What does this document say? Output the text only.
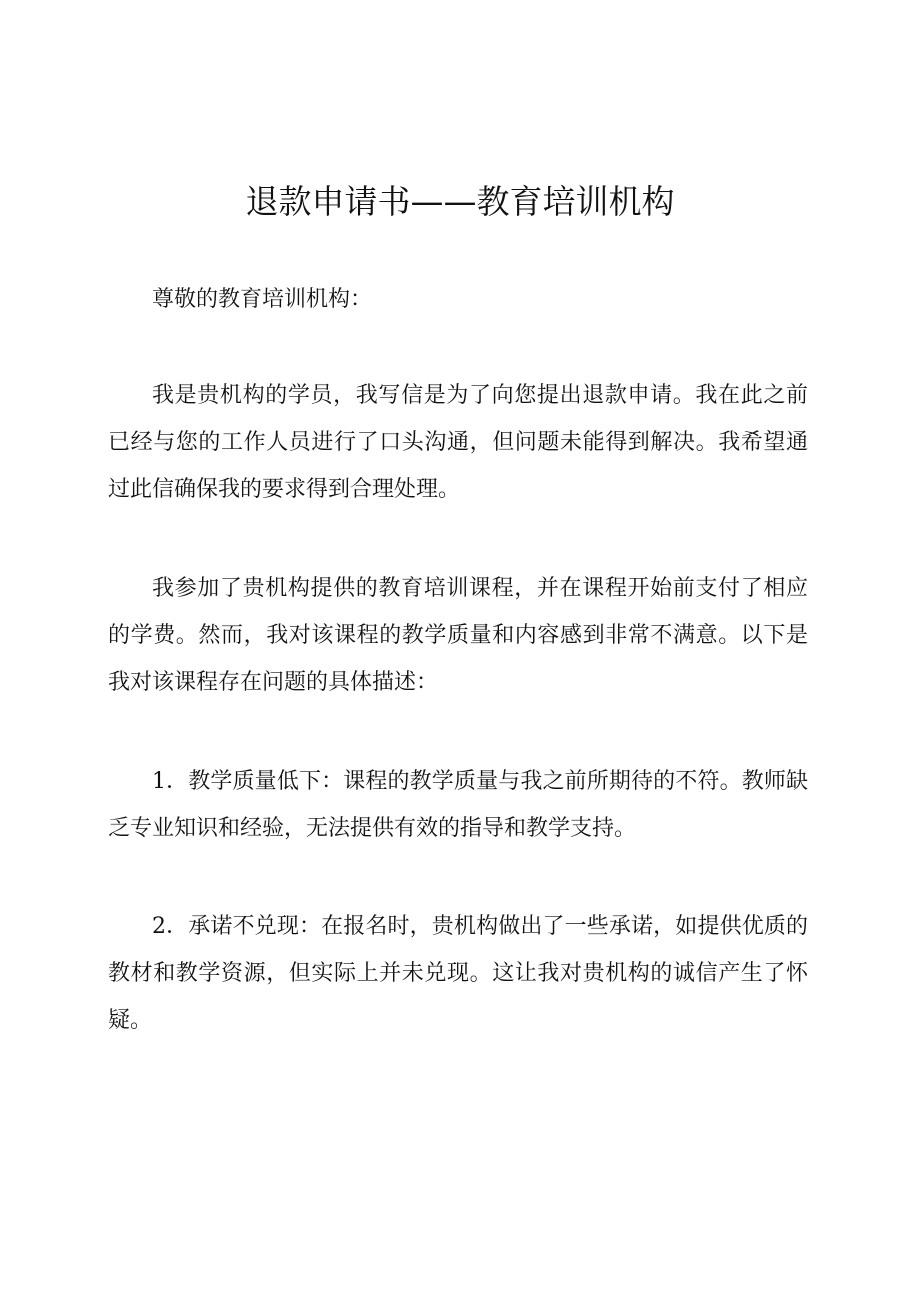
退款申请书——教育培训机构

尊敬的教育培训机构：

我是贵机构的学员，我写信是为了向您提出退款申请。我在此之前已经与您的工作人员进行了口头沟通，但问题未能得到解决。我希望通过此信确保我的要求得到合理处理。

我参加了贵机构提供的教育培训课程，并在课程开始前支付了相应的学费。然而，我对该课程的教学质量和内容感到非常不满意。以下是我对该课程存在问题的具体描述：

1．教学质量低下：课程的教学质量与我之前所期待的不符。教师缺乏专业知识和经验，无法提供有效的指导和教学支持。

2．承诺不兑现：在报名时，贵机构做出了一些承诺，如提供优质的教材和教学资源，但实际上并未兑现。这让我对贵机构的诚信产生了怀疑。
